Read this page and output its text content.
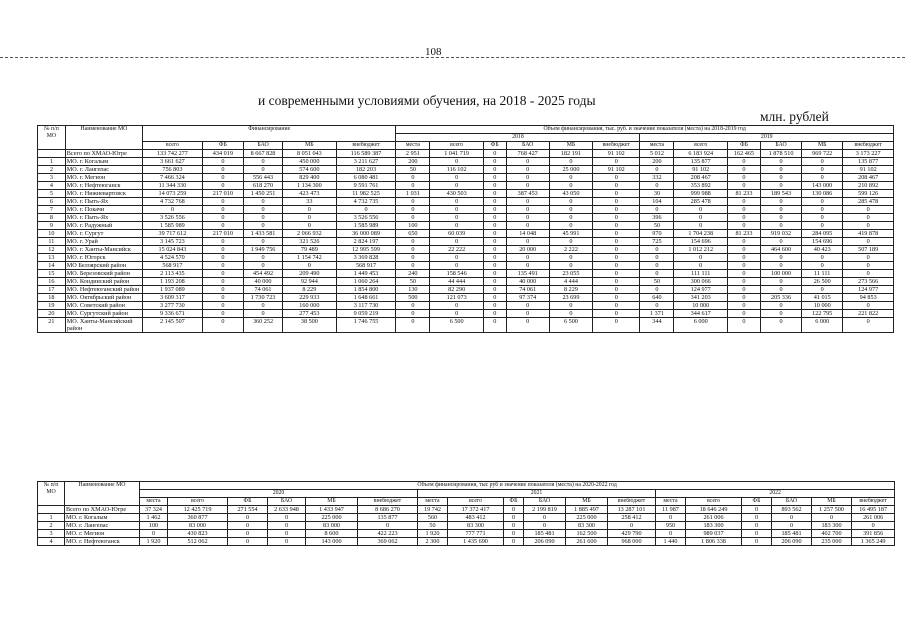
108
и современными условиями обучения, на 2018 - 2025 годы
млн. рублей
№ п/п МО	Наименование МО	Финансирование					Объем финансирования, тыс. руб. и значение показателя (места) на 2018-2019 год											
							2018						2019					
		всего	ФБ	БАО	МБ	внебюджет	места	всего	ФБ	БАО	МБ	внебюджет	места	всего	ФБ	БАО	МБ	внебюджет
	Всего по ХМАО-Югре	133 742 277	434 019	8 667 828	8 051 043	116 589 387	2 951	1 041 719	0	768 427	182 191	91 102	5 012	6 183 924	162 465	1 878 510	969 722	3 173 227
1	МО. г. Когалым	3 661 627	0	0	450 000	3 211 627	200	0	0	0	0	0	200	135 877	0	0	0	135 877
2	МО. г. Лангепас	756 803	0	0	574 600	182 203	50	116 102	0	0	25 000	91 102	0	91 102	0	0	0	91 102
3	МО. г. Мегион	7 466 324	0	556 443	829 400	6 080 481	0	0	0	0	0	0	332	208 467	0	0	0	208 467
4	МО. г. Нефтеюганск	11 344 330	0	618 270	1 134 300	9 591 761	0	0	0	0	0	0	0	353 892	0	0	143 000	210 892
5	МО. г. Нижневартовск	14 073 259	217 010	1 450 251	423 473	11 982 525	1 031	430 503	0	387 453	43 050	0	30	999 988	81 233	189 543	130 086	599 126
6	МО. г. Пыть-Ях	4 732 768	0	0	33	4 732 735	0	0	0	0	0	0	104	285 478	0	0	0	285 478
7	МО. г. Покачи	0	0	0	0	0	0	0	0	0	0	0	0	0	0	0	0	0
8	МО. г. Пыть-Ях	3 526 556	0	0	0	3 526 556	0	0	0	0	0	0	396	0	0	0	0	0
9	МО. г. Радужный	1 585 989	0	0	0	1 585 989	100	0	0	0	0	0	50	0	0	0	0	0
10	МО. г. Сургут	39 717 612	217 010	1 433 581	2 066 932	36 000 089	650	60 039	0	14 048	45 991	0	970	1 704 238	81 233	919 032	284 095	419 878
11	МО. г. Урай	3 145 723	0	0	321 526	2 824 197	0	0	0	0	0	0	725	154 696	0	0	154 696	0
12	МО. г. Ханты-Мансийск	15 024 843	0	1 949 756	79 489	12 995 599	0	22 222	0	20 000	2 222	0	0	1 012 212	0	464 600	40 423	507 189
13	МО. г. Югорск	4 524 570	0	0	1 154 742	3 369 828	0	0	0	0	0	0	0	0	0	0	0	0
14	МО Белоярский район	568 917	0	0	0	568 917	0	0	0	0	0	0	0	0	0	0	0	0
15	МО. Березовский район	2 113 435	0	454 492	209 490	1 449 453	240	158 546	0	135 491	23 055	0	0	111 111	0	100 000	11 111	0
16	МО. Кондинский район	1 193 208	0	40 000	92 944	1 060 264	50	44 444	0	40 000	4 444	0	50	300 066	0	0	26 500	273 566
17	МО. Нефтеюганский район	1 937 089	0	74 061	8 229	1 854 800	130	82 290	0	74 061	8 229	0	0	124 977	0	0	0	124 977
18	МО. Октябрьский район	3 609 317	0	1 730 723	229 933	1 648 661	500	121 073	0	97 374	23 699	0	640	341 203	0	205 336	41 015	94 853
19	МО. Советский район	3 277 730	0	0	160 000	3 117 730	0	0	0	0	0	0	0	10 000	0	0	10 000	0
20	МО. Сургутский район	9 336 671	0	0	277 453	9 059 219	0	0	0	0	0	0	1 371	344 617	0	0	122 795	221 822
21	МО. Ханты-Мансийский район	2 145 507	0	360 252	38 500	1 746 755	0	6 500	0	0	6 500	0	344	6 000	0	0	6 000	0
№ п/п МО	Наименование МО	Объем финансирования, тыс руб и значение показателя (места) на 2020-2022 год																	
		2020						2021						2022					
		места	всего	ФБ	БАО	МБ	внебюджет	места	всего	ФБ	БАО	МБ	внебюджет	места	всего	ФБ	БАО	МБ	внебюджет
	Всего по ХМАО-Югре	37 324	12 425 719	271 554	2 633 948	1 433 947	8 686 270	19 742	17 372 417	0	2 199 819	1 885 497	13 287 101	11 987	18 646 249	0	893 562	1 257 500	16 495 187
1	МО. г. Когалым	1 462	360 877	0	0	225 000	135 877	560	483 412	0	0	225 000	258 412	0	261 006	0	0	0	261 006
2	МО. г. Лангепас	100	83 000	0	0	83 000	0	50	83 300	0	0	83 300	0	950	183 300	0	0	183 300	0
3	МО. г. Мегион	0	430 823	0	0	8 600	422 223	1 920	777 771	0	185 481	162 500	429 790	0	989 037	0	185 481	402 700	391 856
4	МО. г. Нефтеюганск	1 920	512 062	0	0	143 000	369 062	2 300	1 435 690	0	206 090	261 600	968 000	1 440	1 806 338	0	206 090	235 000	1 365 249
